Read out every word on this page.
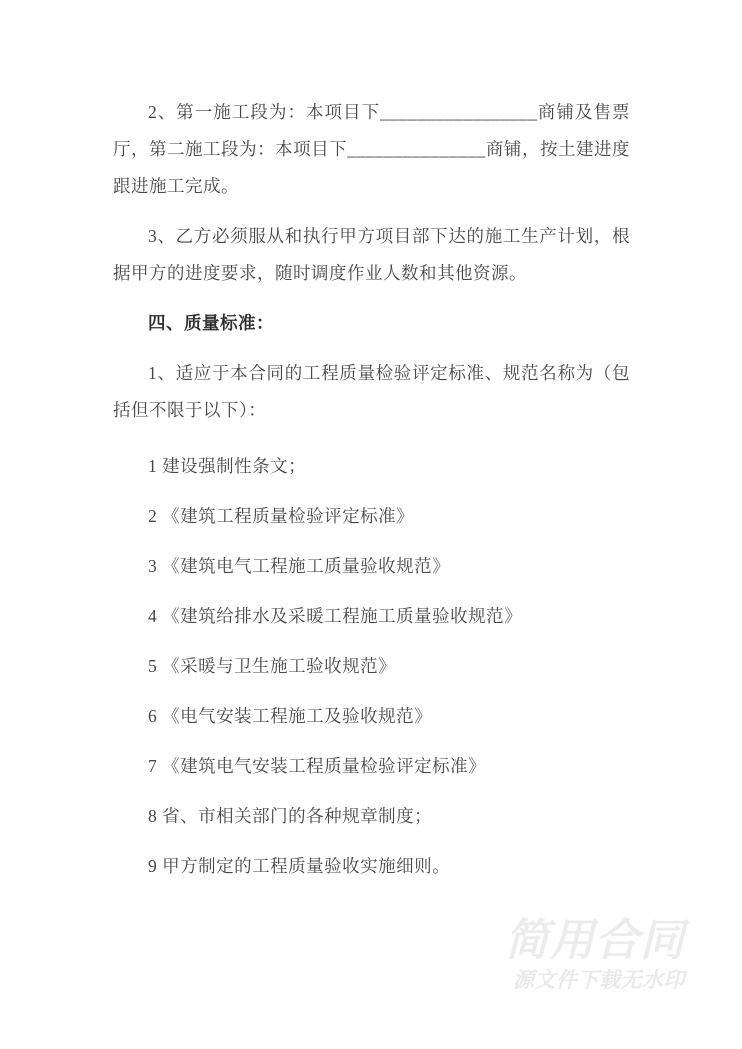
2、第一施工段为：本项目下_________________商铺及售票厅，第二施工段为：本项目下_______________商铺，按土建进度跟进施工完成。

3、乙方必须服从和执行甲方项目部下达的施工生产计划，根据甲方的进度要求，随时调度作业人数和其他资源。

四、质量标准：

1、适应于本合同的工程质量检验评定标准、规范名称为（包括但不限于以下）：

1 建设强制性条文；

2 《建筑工程质量检验评定标准》

3 《建筑电气工程施工质量验收规范》

4 《建筑给排水及采暖工程施工质量验收规范》

5 《采暖与卫生施工验收规范》

6 《电气安装工程施工及验收规范》

7 《建筑电气安装工程质量检验评定标准》

8 省、市相关部门的各种规章制度；

9 甲方制定的工程质量验收实施细则。

简用合同
源文件下载无水印
